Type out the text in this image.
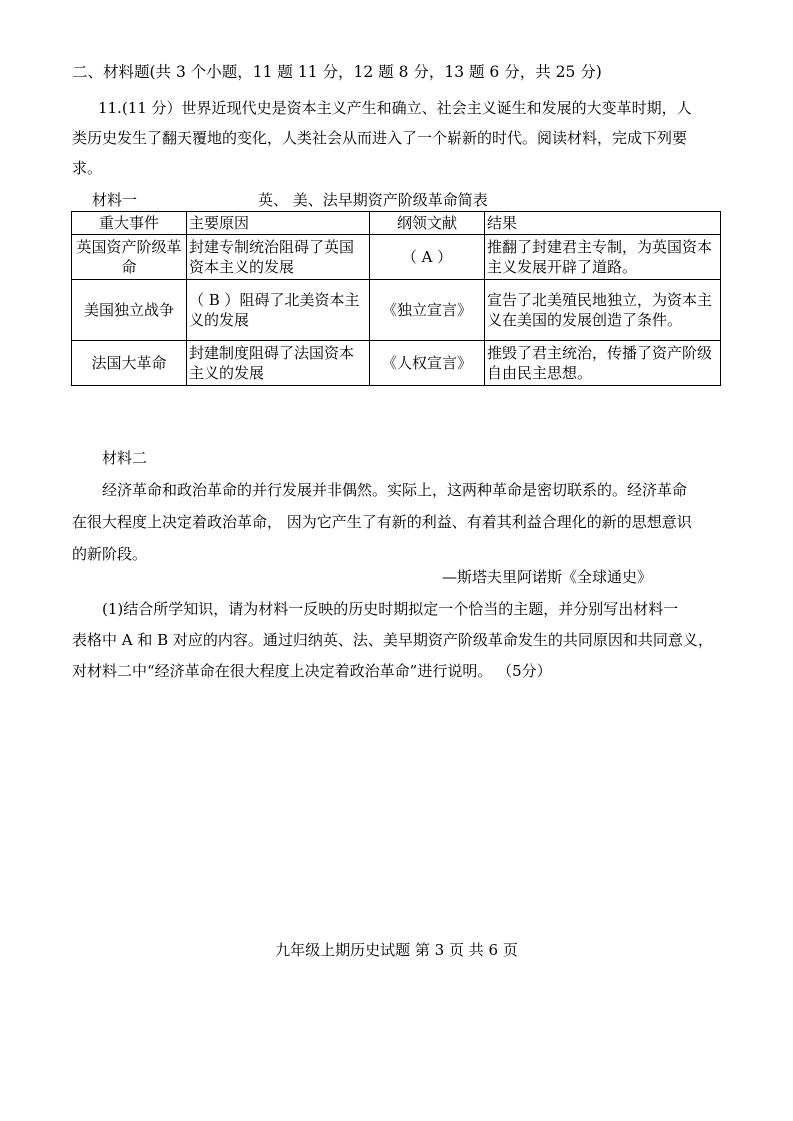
二、材料题(共 3 个小题，11 题 11 分，12 题 8 分，13 题 6 分，共 25 分)
11.(11 分）世界近现代史是资本主义产生和确立、社会主义诞生和发展的大变革时期，人
类历史发生了翻天覆地的变化，人类社会从而进入了一个崭新的时代。阅读材料，完成下列要
求。
材料一	英、 美、法早期资产阶级革命简表
重大事件	主要原因	纲领文献	结果
英国资产阶级革命	封建专制统治阻碍了英国资本主义的发展	（ A ）	推翻了封建君主专制，为英国资本主义发展开辟了道路。
美国独立战争	（ B ）阻碍了北美资本主义的发展	《独立宣言》	宣告了北美殖民地独立，为资本主义在美国的发展创造了条件。
法国大革命	封建制度阻碍了法国资本主义的发展	《人权宣言》	推毁了君主统治，传播了资产阶级自由民主思想。
材料二
经济革命和政治革命的并行发展并非偶然。实际上，这两种革命是密切联系的。经济革命
在很大程度上决定着政治革命， 因为它产生了有新的利益、有着其利益合理化的新的思想意识
的新阶段。
—斯塔夫里阿诺斯《全球通史》
(1)结合所学知识，请为材料一反映的历史时期拟定一个恰当的主题，并分别写出材料一
表格中 A 和 B 对应的内容。通过归纳英、法、美早期资产阶级革命发生的共同原因和共同意义，
对材料二中“经济革命在很大程度上决定着政治革命”进行说明。 （5分）
九年级上期历史试题 第 3 页 共 6 页
